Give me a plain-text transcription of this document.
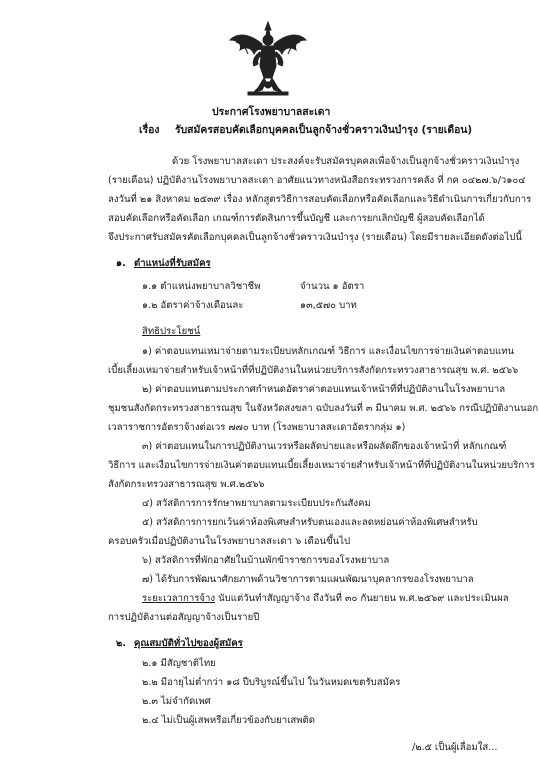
ประกาศโรงพยาบาลสะเดา
เรื่อง รับสมัครสอบคัดเลือกบุคคลเป็นลูกจ้างชั่วคราวเงินบำรุง (รายเดือน)
ด้วย โรงพยาบาลสะเดา ประสงค์จะรับสมัครบุคคลเพื่อจ้างเป็นลูกจ้างชั่วคราวเงินบำรุง
(รายเดือน) ปฏิบัติงานโรงพยาบาลสะเดา อาศัยแนวทางหนังสือกระทรวงการคลัง ที่ กค ๐๔๒๗.๖/ว๑๐๔
ลงวันที่ ๒๑ สิงหาคม ๒๕๓๙ เรื่อง หลักสูตรวิธีการสอบคัดเลือกหรือคัดเลือกและวิธีดำเนินการเกี่ยวกับการ
สอบคัดเลือกหรือคัดเลือก เกณฑ์การตัดสินการขึ้นบัญชี และการยกเลิกบัญชี ผู้สอบคัดเลือกได้
จึงประกาศรับสมัครคัดเลือกบุคคลเป็นลูกจ้างชั่วคราวเงินบำรุง (รายเดือน) โดยมีรายละเอียดดังต่อไปนี้
๑. ตำแหน่งที่รับสมัคร
๑.๑ ตำแหน่งพยาบาลวิชาชีพ	จำนวน ๑ อัตรา
๑.๒ อัตราค่าจ้างเดือนละ	๑๓,๕๗๐ บาท
สิทธิประโยชน์
๑) ค่าตอบแทนเหมาจ่ายตามระเบียบหลักเกณฑ์ วิธีการ และเงื่อนไขการจ่ายเงินค่าตอบแทน
เบี้ยเลี้ยงเหมาจ่ายสำหรับเจ้าหน้าที่ที่ปฏิบัติงานในหน่วยบริการสังกัดกระทรวงสาธารณสุข พ.ศ. ๒๕๖๖
๒) ค่าตอบแทนตามประกาศกำหนดอัตราค่าตอบแทนเจ้าหน้าที่ที่ปฏิบัติงานในโรงพยาบาล
ชุมชนสังกัดกระทรวงสาธารณสุข ในจังหวัดสงขลา ฉบับลงวันที่ ๓ มีนาคม พ.ศ. ๒๕๖๖ กรณีปฏิบัติงานนอก
เวลาราชการอัตราจ้างต่อเวร ๗๗๐ บาท (โรงพยาบาลสะเดาอัตรากลุ่ม ๑)
๓) ค่าตอบแทนในการปฏิบัติงานเวรหรือผลัดบ่ายและหรือผลัดดึกของเจ้าหน้าที่ หลักเกณฑ์
วิธีการ และเงื่อนไขการจ่ายเงินค่าตอบแทนเบี้ยเลี้ยงเหมาจ่ายสำหรับเจ้าหน้าที่ที่ปฏิบัติงานในหน่วยบริการ
สังกัดกระทรวงสาธารณสุข พ.ศ.๒๕๖๖
๔) สวัสดิการการรักษาพยาบาลตามระเบียบประกันสังคม
๕) สวัสดิการการยกเว้นค่าห้องพิเศษสำหรับตนเองและลดหย่อนค่าห้องพิเศษสำหรับ
ครอบครัวเมื่อปฏิบัติงานในโรงพยาบาลสะเดา ๖ เดือนขึ้นไป
๖) สวัสดิการที่พักอาศัยในบ้านพักข้าราชการของโรงพยาบาล
๗) ได้รับการพัฒนาศักยภาพด้านวิชาการตามแผนพัฒนาบุคลากรของโรงพยาบาล
ระยะเวลาการจ้าง นับแต่วันทำสัญญาจ้าง ถึงวันที่ ๓๐ กันยายน พ.ศ.๒๕๖๙ และประเมินผล
การปฏิบัติงานต่อสัญญาจ้างเป็นรายปี
๒. คุณสมบัติทั่วไปของผู้สมัคร
๒.๑ มีสัญชาติไทย
๒.๒ มีอายุไม่ต่ำกว่า ๑๘ ปีบริบูรณ์ขึ้นไป ในวันหมดเขตรับสมัคร
๒.๓ ไม่จำกัดเพศ
๒.๔ ไม่เป็นผู้เสพหรือเกี่ยวข้องกับยาเสพติด
/๒.๕ เป็นผู้เลื่อมใส...
